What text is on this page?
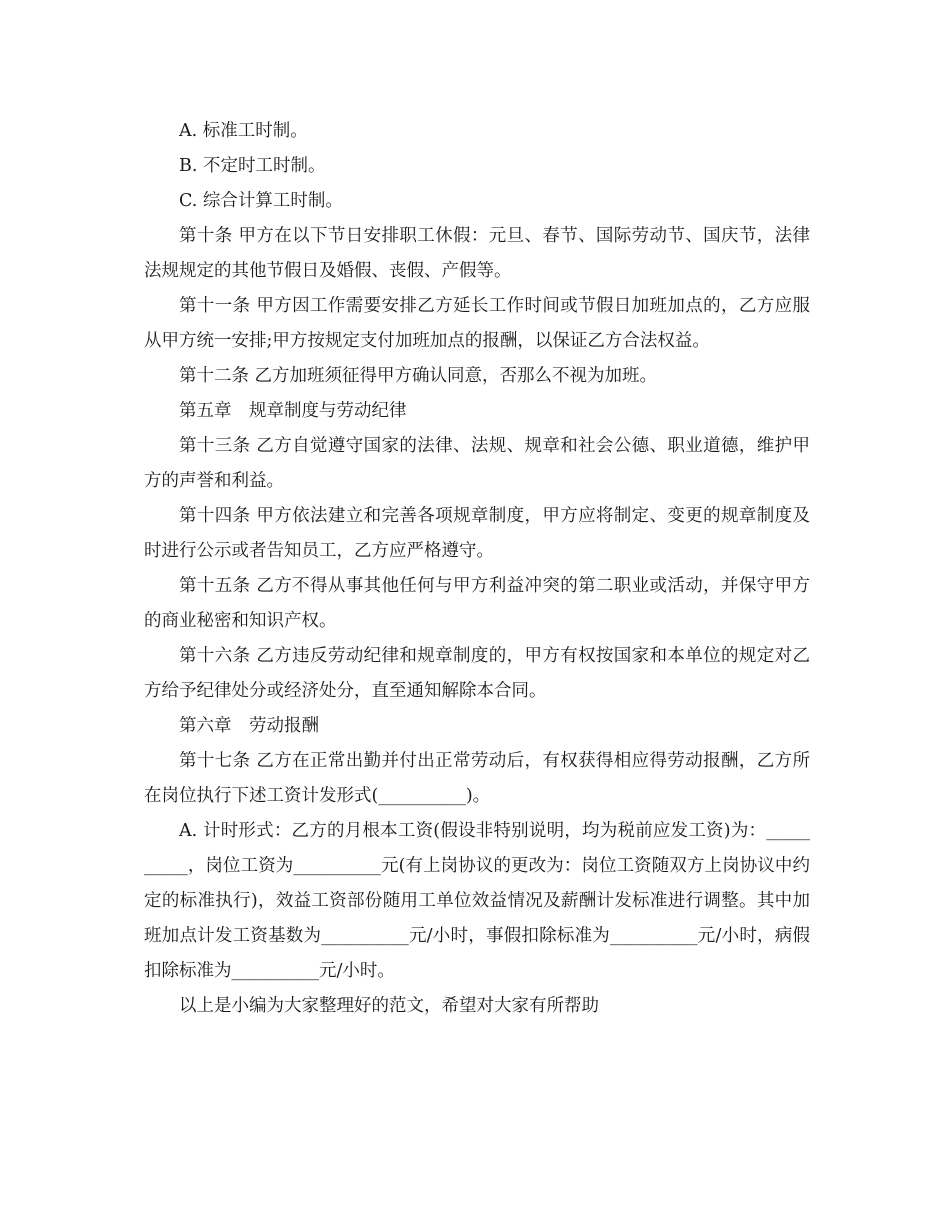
A. 标准工时制。

B. 不定时工时制。

C. 综合计算工时制。

第十条 甲方在以下节日安排职工休假：元旦、春节、国际劳动节、国庆节，法律法规规定的其他节假日及婚假、丧假、产假等。

第十一条 甲方因工作需要安排乙方延长工作时间或节假日加班加点的，乙方应服从甲方统一安排;甲方按规定支付加班加点的报酬，以保证乙方合法权益。

第十二条 乙方加班须征得甲方确认同意，否那么不视为加班。

第五章　规章制度与劳动纪律

第十三条 乙方自觉遵守国家的法律、法规、规章和社会公德、职业道德，维护甲方的声誉和利益。

第十四条 甲方依法建立和完善各项规章制度，甲方应将制定、变更的规章制度及时进行公示或者告知员工，乙方应严格遵守。

第十五条 乙方不得从事其他任何与甲方利益冲突的第二职业或活动，并保守甲方的商业秘密和知识产权。

第十六条 乙方违反劳动纪律和规章制度的，甲方有权按国家和本单位的规定对乙方给予纪律处分或经济处分，直至通知解除本合同。

第六章　劳动报酬

第十七条 乙方在正常出勤并付出正常劳动后，有权获得相应得劳动报酬，乙方所在岗位执行下述工资计发形式(__________)。

A. 计时形式：乙方的月根本工资(假设非特别说明，均为税前应发工资)为：__________，岗位工资为__________元(有上岗协议的更改为：岗位工资随双方上岗协议中约定的标准执行)，效益工资部份随用工单位效益情况及薪酬计发标准进行调整。其中加班加点计发工资基数为__________元/小时，事假扣除标准为__________元/小时，病假扣除标准为__________元/小时。

以上是小编为大家整理好的范文，希望对大家有所帮助
